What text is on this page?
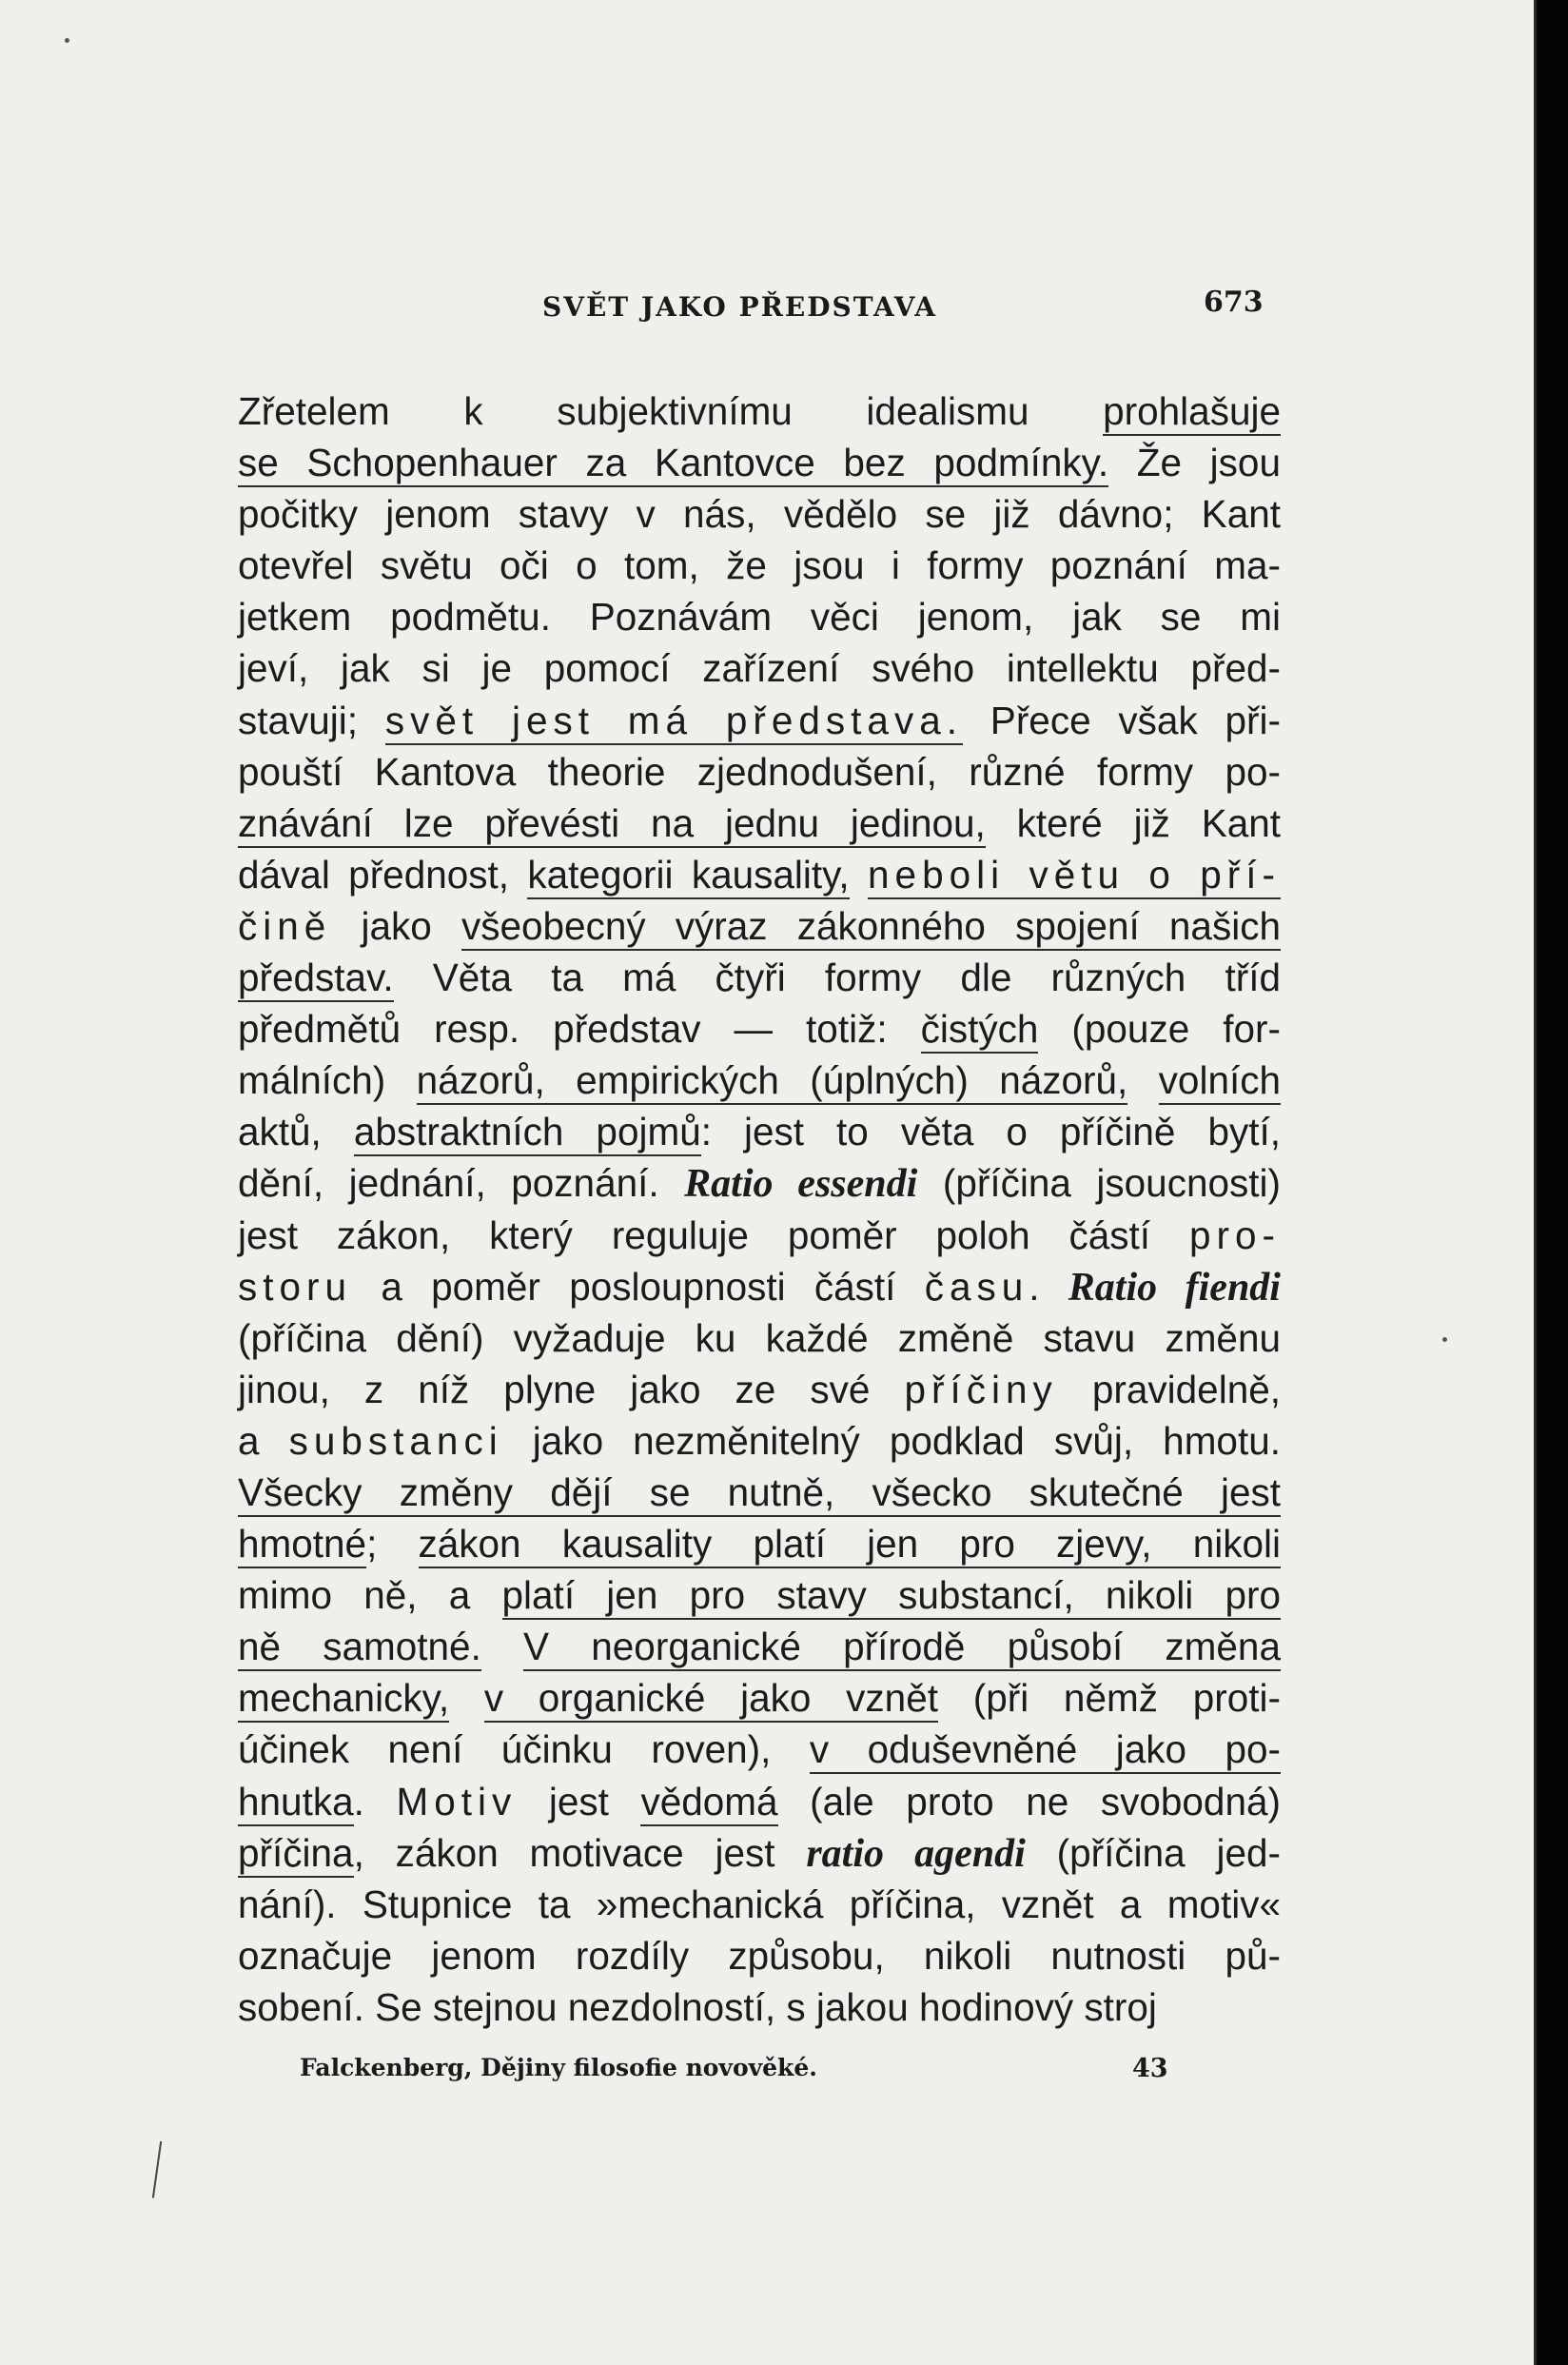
SVĚT JAKO PŘEDSTAVA	673
Zřetelem k subjektivnímu idealismu prohlašuje
se Schopenhauer za Kantovce bez podmínky. Že jsou
počitky jenom stavy v nás, vědělo se již dávno; Kant
otevřel světu oči o tom, že jsou i formy poznání ma-
jetkem podmětu. Poznávám věci jenom, jak se mi
jeví, jak si je pomocí zařízení svého intellektu před-
stavuji; svět jest má představa. Přece však při-
pouští Kantova theorie zjednodušení, různé formy po-
znávání lze převésti na jednu jedinou, které již Kant
dával přednost, kategorii kausality, neboli větu o pří-
čině jako všeobecný výraz zákonného spojení našich
představ. Věta ta má čtyři formy dle různých tříd
předmětů resp. představ — totiž: čistých (pouze for-
málních) názorů, empirických (úplných) názorů, volních
aktů, abstraktních pojmů: jest to věta o příčině bytí,
dění, jednání, poznání. Ratio essendi (příčina jsoucnosti)
jest zákon, který reguluje poměr poloh částí pro-
storu a poměr posloupnosti částí času. Ratio fiendi
(příčina dění) vyžaduje ku každé změně stavu změnu
jinou, z níž plyne jako ze své příčiny pravidelně,
a substanci jako nezměnitelný podklad svůj, hmotu.
Všecky změny dějí se nutně, všecko skutečné jest
hmotné; zákon kausality platí jen pro zjevy, nikoli
mimo ně, a platí jen pro stavy substancí, nikoli pro
ně samotné. V neorganické přírodě působí změna
mechanicky, v organické jako vznět (při němž proti-
účinek není účinku roven), v oduševněné jako po-
hnutka. Motiv jest vědomá (ale proto ne svobodná)
příčina, zákon motivace jest ratio agendi (příčina jed-
nání). Stupnice ta »mechanická příčina, vznět a motiv«
označuje jenom rozdíly způsobu, nikoli nutnosti pů-
sobení. Se stejnou nezdolností, s jakou hodinový stroj
Falckenberg, Dějiny filosofie novověké.	43
